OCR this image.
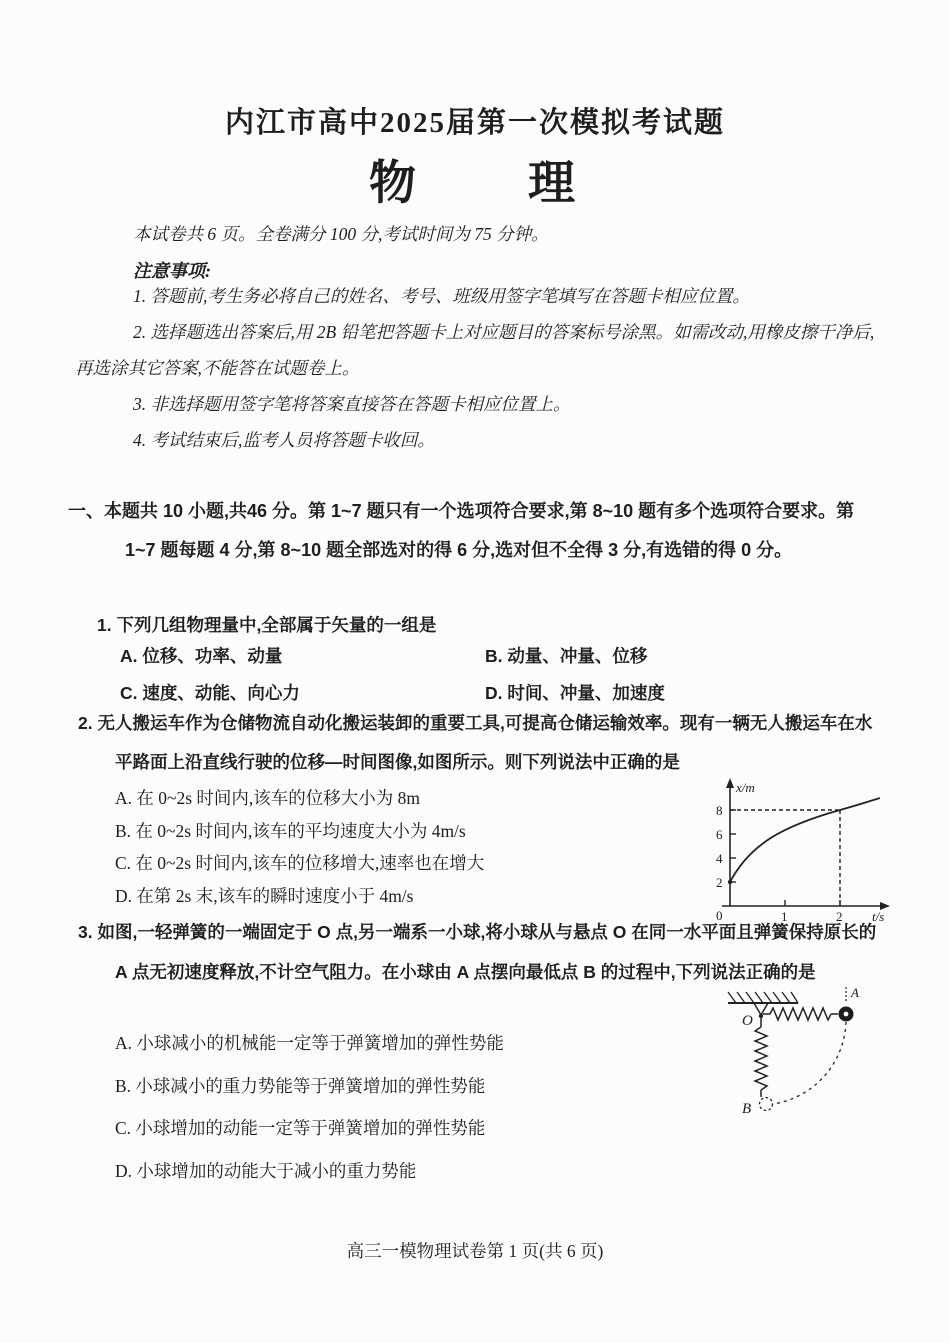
内江市高中2025届第一次模拟考试题
物　　理
本试卷共 6 页。全卷满分 100 分,考试时间为 75 分钟。
注意事项:

1. 答题前,考生务必将自己的姓名、考号、班级用签字笔填写在答题卡相应位置。

2. 选择题选出答案后,用 2B 铅笔把答题卡上对应题目的答案标号涂黑。如需改动,用橡皮擦干净后,再选涂其它答案,不能答在试题卷上。

3. 非选择题用签字笔将答案直接答在答题卡相应位置上。

4. 考试结束后,监考人员将答题卡收回。

一、本题共 10 小题,共46 分。第 1~7 题只有一个选项符合要求,第 8~10 题有多个选项符合要求。第 1~7 题每题 4 分,第 8~10 题全部选对的得 6 分,选对但不全得 3 分,有选错的得 0 分。
1. 下列几组物理量中,全部属于矢量的一组是
A. 位移、功率、动量	B. 动量、冲量、位移
C. 速度、动能、向心力	D. 时间、冲量、加速度
2. 无人搬运车作为仓储物流自动化搬运装卸的重要工具,可提高仓储运输效率。现有一辆无人搬运车在水平路面上沿直线行驶的位移—时间图像,如图所示。则下列说法中正确的是
A. 在 0~2s 时间内,该车的位移大小为 8m
B. 在 0~2s 时间内,该车的平均速度大小为 4m/s
C. 在 0~2s 时间内,该车的位移增大,速率也在增大
D. 在第 2s 末,该车的瞬时速度小于 4m/s
x/m
t/s
0
8
6
4
2
1	2
3. 如图,一轻弹簧的一端固定于 O 点,另一端系一小球,将小球从与悬点 O 在同一水平面且弹簧保持原长的 A 点无初速度释放,不计空气阻力。在小球由 A 点摆向最低点 B 的过程中,下列说法正确的是
A. 小球减小的机械能一定等于弹簧增加的弹性势能
B. 小球减小的重力势能等于弹簧增加的弹性势能
C. 小球增加的动能一定等于弹簧增加的弹性势能
D. 小球增加的动能大于减小的重力势能
O
A
B
高三一模物理试卷第 1 页(共 6 页)
